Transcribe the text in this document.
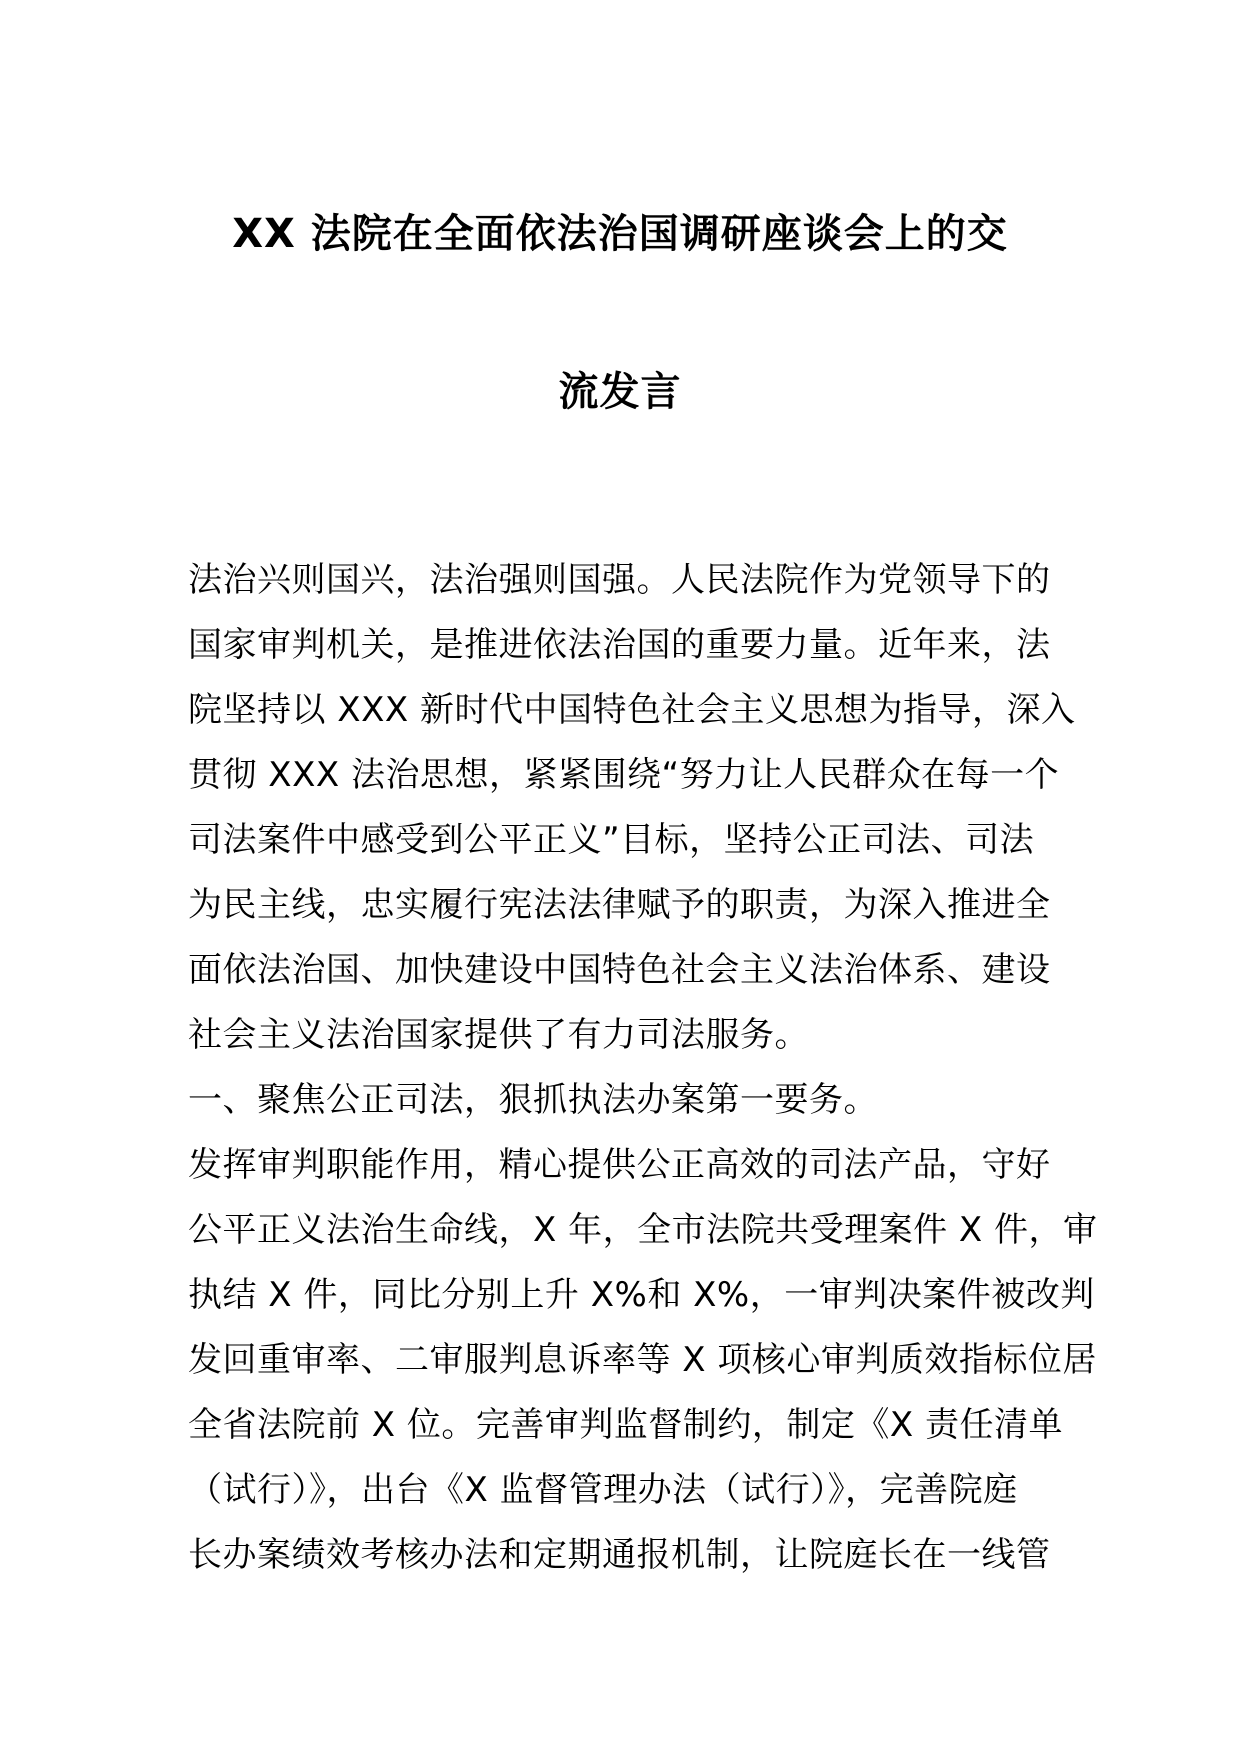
XX 法院在全面依法治国调研座谈会上的交
流发言
法治兴则国兴，法治强则国强。人民法院作为党领导下的
国家审判机关，是推进依法治国的重要力量。近年来，法
院坚持以 XXX 新时代中国特色社会主义思想为指导，深入
贯彻 XXX 法治思想，紧紧围绕“努力让人民群众在每一个
司法案件中感受到公平正义”目标，坚持公正司法、司法
为民主线，忠实履行宪法法律赋予的职责，为深入推进全
面依法治国、加快建设中国特色社会主义法治体系、建设
社会主义法治国家提供了有力司法服务。
一、聚焦公正司法，狠抓执法办案第一要务。
发挥审判职能作用，精心提供公正高效的司法产品，守好
公平正义法治生命线，X 年，全市法院共受理案件 X 件，审
执结 X 件，同比分别上升 X%和 X%，一审判决案件被改判
发回重审率、二审服判息诉率等 X 项核心审判质效指标位居
全省法院前 X 位。完善审判监督制约，制定《X 责任清单
（试行）》，出台《X 监督管理办法（试行）》，完善院庭
长办案绩效考核办法和定期通报机制，让院庭长在一线管
